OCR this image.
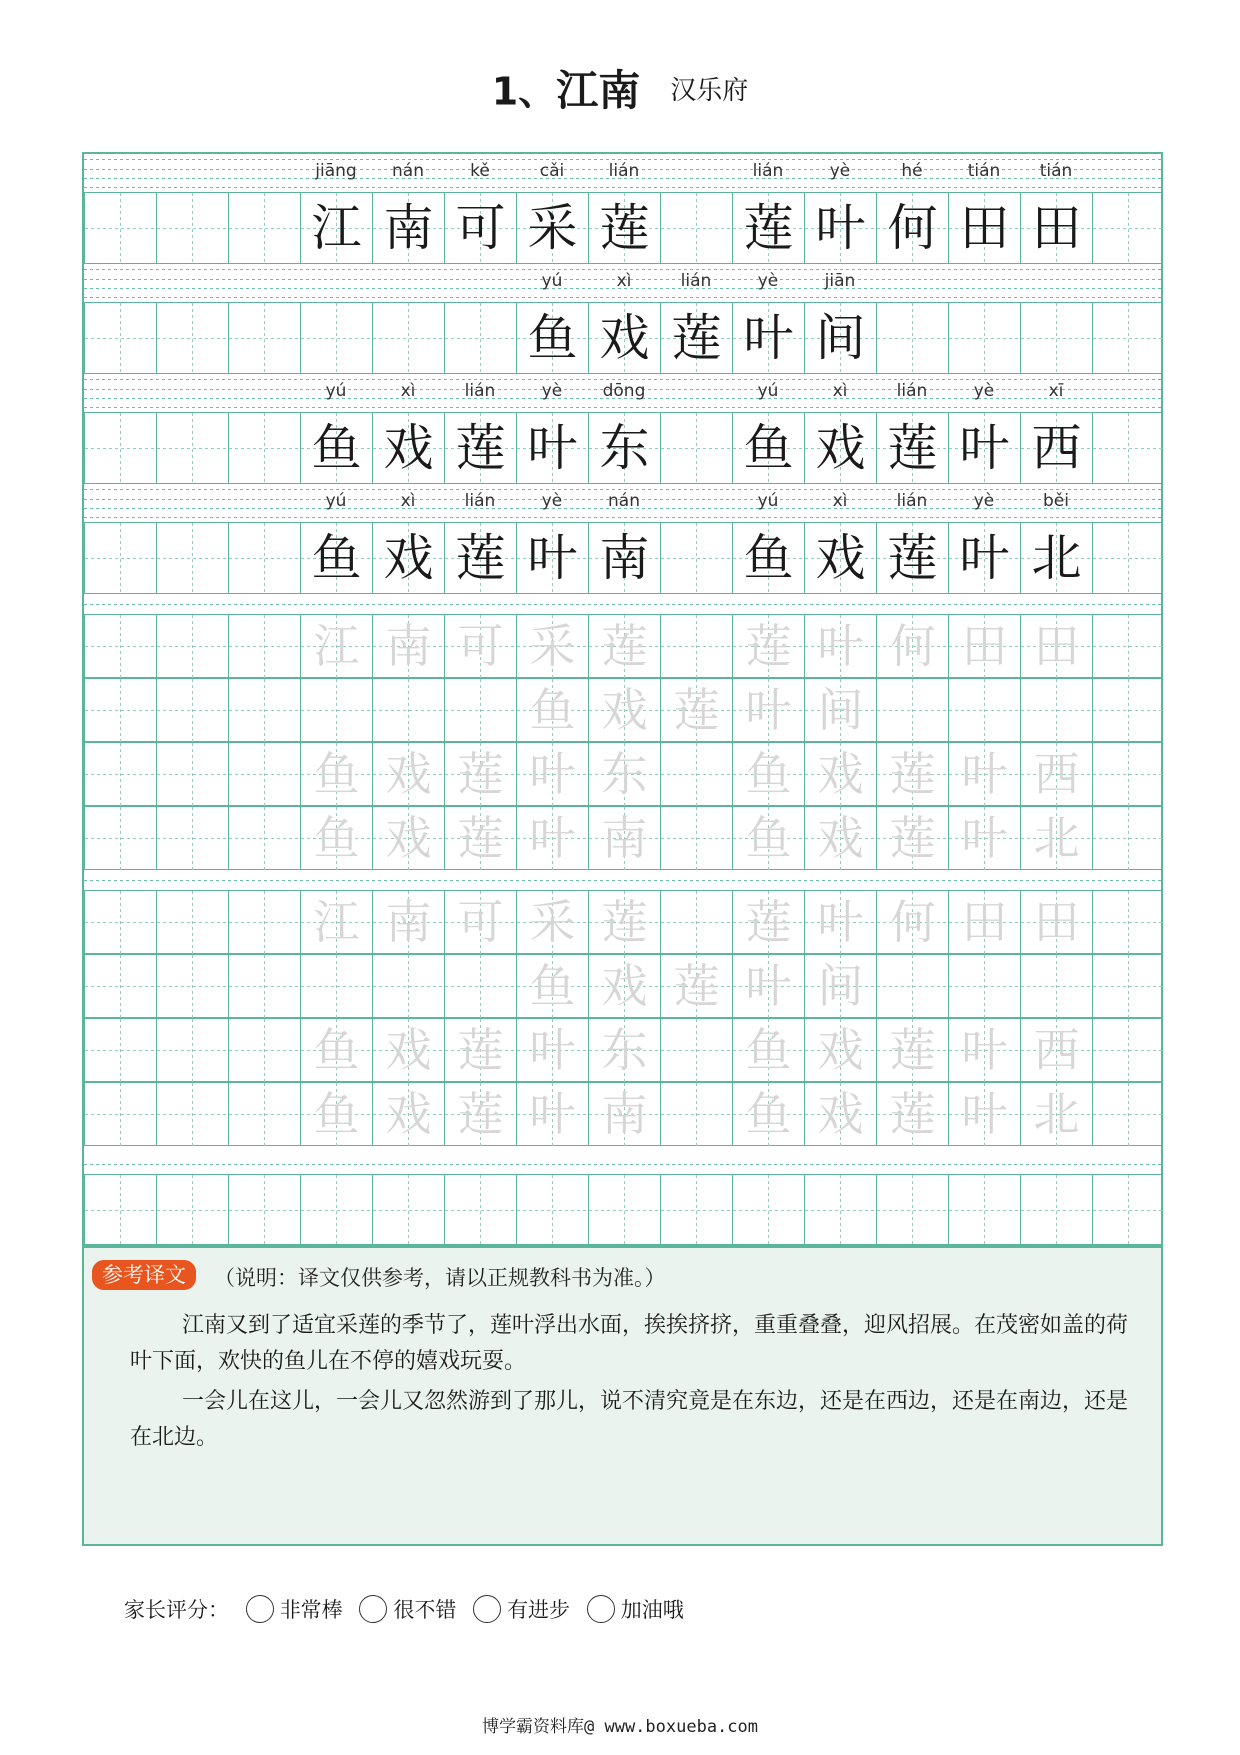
1、江南 汉乐府
jiāng	nán	kě	cǎi	lián	lián	yè	hé	tián	tián
江 南 可 采 莲 莲 叶 何 田 田
yú	xì	lián	yè	jiān
鱼 戏 莲 叶 间
yú	xì	lián	yè	dōng	yú	xì	lián	yè	xī
鱼 戏 莲 叶 东 鱼 戏 莲 叶 西
yú	xì	lián	yè	nán	yú	xì	lián	yè	běi
鱼 戏 莲 叶 南 鱼 戏 莲 叶 北
江 南 可 采 莲 莲 叶 何 田 田
鱼 戏 莲 叶 间
鱼 戏 莲 叶 东 鱼 戏 莲 叶 西
鱼 戏 莲 叶 南 鱼 戏 莲 叶 北
江 南 可 采 莲 莲 叶 何 田 田
鱼 戏 莲 叶 间
鱼 戏 莲 叶 东 鱼 戏 莲 叶 西
鱼 戏 莲 叶 南 鱼 戏 莲 叶 北
参考译文	（说明：译文仅供参考，请以正规教科书为准。）
江南又到了适宜采莲的季节了，莲叶浮出水面，挨挨挤挤，重重叠叠，迎风招展。在茂密如盖的荷叶下面，欢快的鱼儿在不停的嬉戏玩耍。
一会儿在这儿，一会儿又忽然游到了那儿，说不清究竟是在东边，还是在西边，还是在南边，还是在北边。
家长评分： 非常棒 很不错 有进步 加油哦
博学霸资料库@ www.boxueba.com
